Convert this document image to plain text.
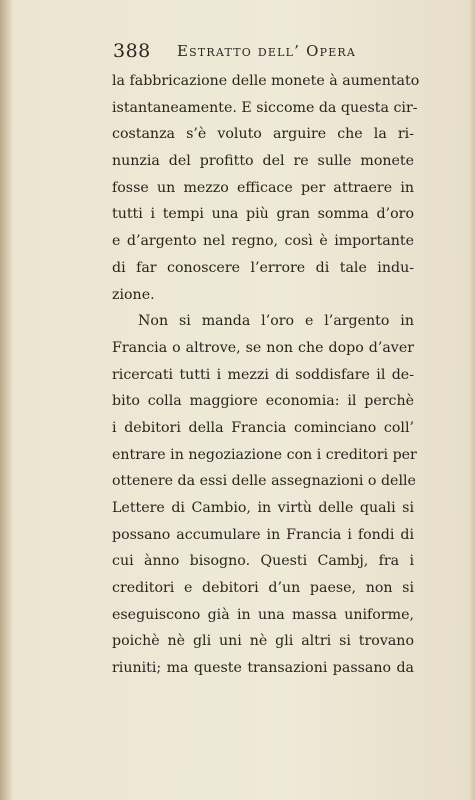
388 Estratto dell’ Opera
la fabbricazione delle monete à aumentato
istantaneamente. E siccome da questa cir-
costanza s’è voluto arguire che la ri-
nunzia del profitto del re sulle monete
fosse un mezzo efficace per attraere in
tutti i tempi una più gran somma d’oro
e d’argento nel regno, così è importante
di far conoscere l’errore di tale indu-
zione.
Non si manda l’oro e l’argento in
Francia o altrove, se non che dopo d’aver
ricercati tutti i mezzi di soddisfare il de-
bito colla maggiore economia: il perchè
i debitori della Francia cominciano coll’
entrare in negoziazione con i creditori per
ottenere da essi delle assegnazioni o delle
Lettere di Cambio, in virtù delle quali si
possano accumulare in Francia i fondi di
cui ànno bisogno. Questi Cambj, fra i
creditori e debitori d’un paese, non si
eseguiscono già in una massa uniforme,
poichè nè gli uni nè gli altri si trovano
riuniti; ma queste transazioni passano da
